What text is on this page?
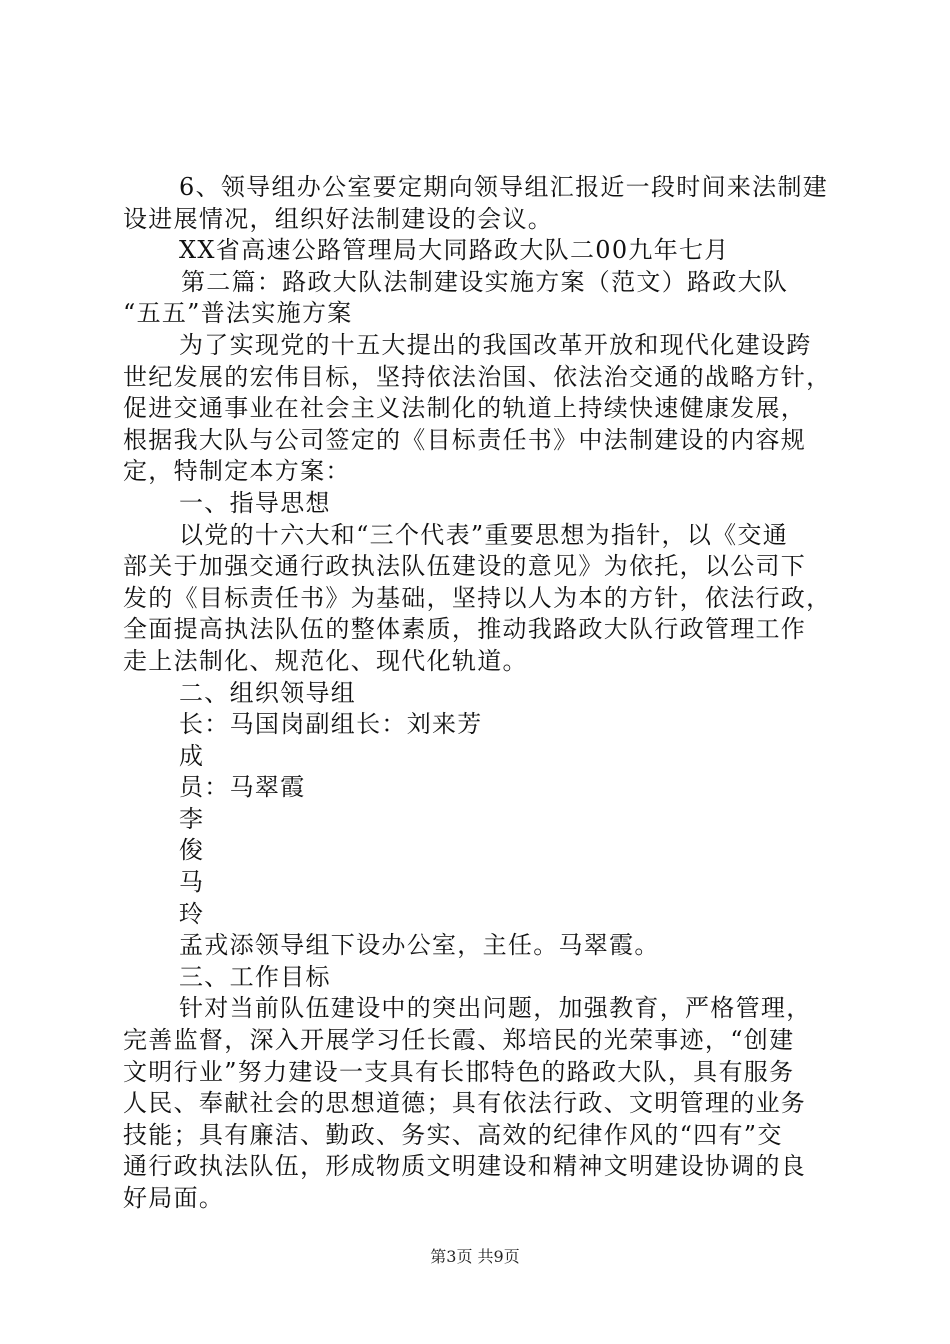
6、领导组办公室要定期向领导组汇报近一段时间来法制建
设进展情况，组织好法制建设的会议。
XX省高速公路管理局大同路政大队二00九年七月
第二篇：路政大队法制建设实施方案（范文）路政大队
“五五”普法实施方案
为了实现党的十五大提出的我国改革开放和现代化建设跨
世纪发展的宏伟目标，坚持依法治国、依法治交通的战略方针，
促进交通事业在社会主义法制化的轨道上持续快速健康发展，
根据我大队与公司签定的《目标责任书》中法制建设的内容规
定，特制定本方案：
一、指导思想
以党的十六大和“三个代表”重要思想为指针，以《交通
部关于加强交通行政执法队伍建设的意见》为依托，以公司下
发的《目标责任书》为基础，坚持以人为本的方针，依法行政，
全面提高执法队伍的整体素质，推动我路政大队行政管理工作
走上法制化、规范化、现代化轨道。
二、组织领导组
长：马国岗副组长：刘来芳
成
员：马翠霞
李
俊
马
玲
孟戎添领导组下设办公室，主任。马翠霞。
三、工作目标
针对当前队伍建设中的突出问题，加强教育，严格管理，
完善监督，深入开展学习任长霞、郑培民的光荣事迹，“创建
文明行业”努力建设一支具有长邯特色的路政大队，具有服务
人民、奉献社会的思想道德；具有依法行政、文明管理的业务
技能；具有廉洁、勤政、务实、高效的纪律作风的“四有”交
通行政执法队伍，形成物质文明建设和精神文明建设协调的良
好局面。
第3页 共9页
